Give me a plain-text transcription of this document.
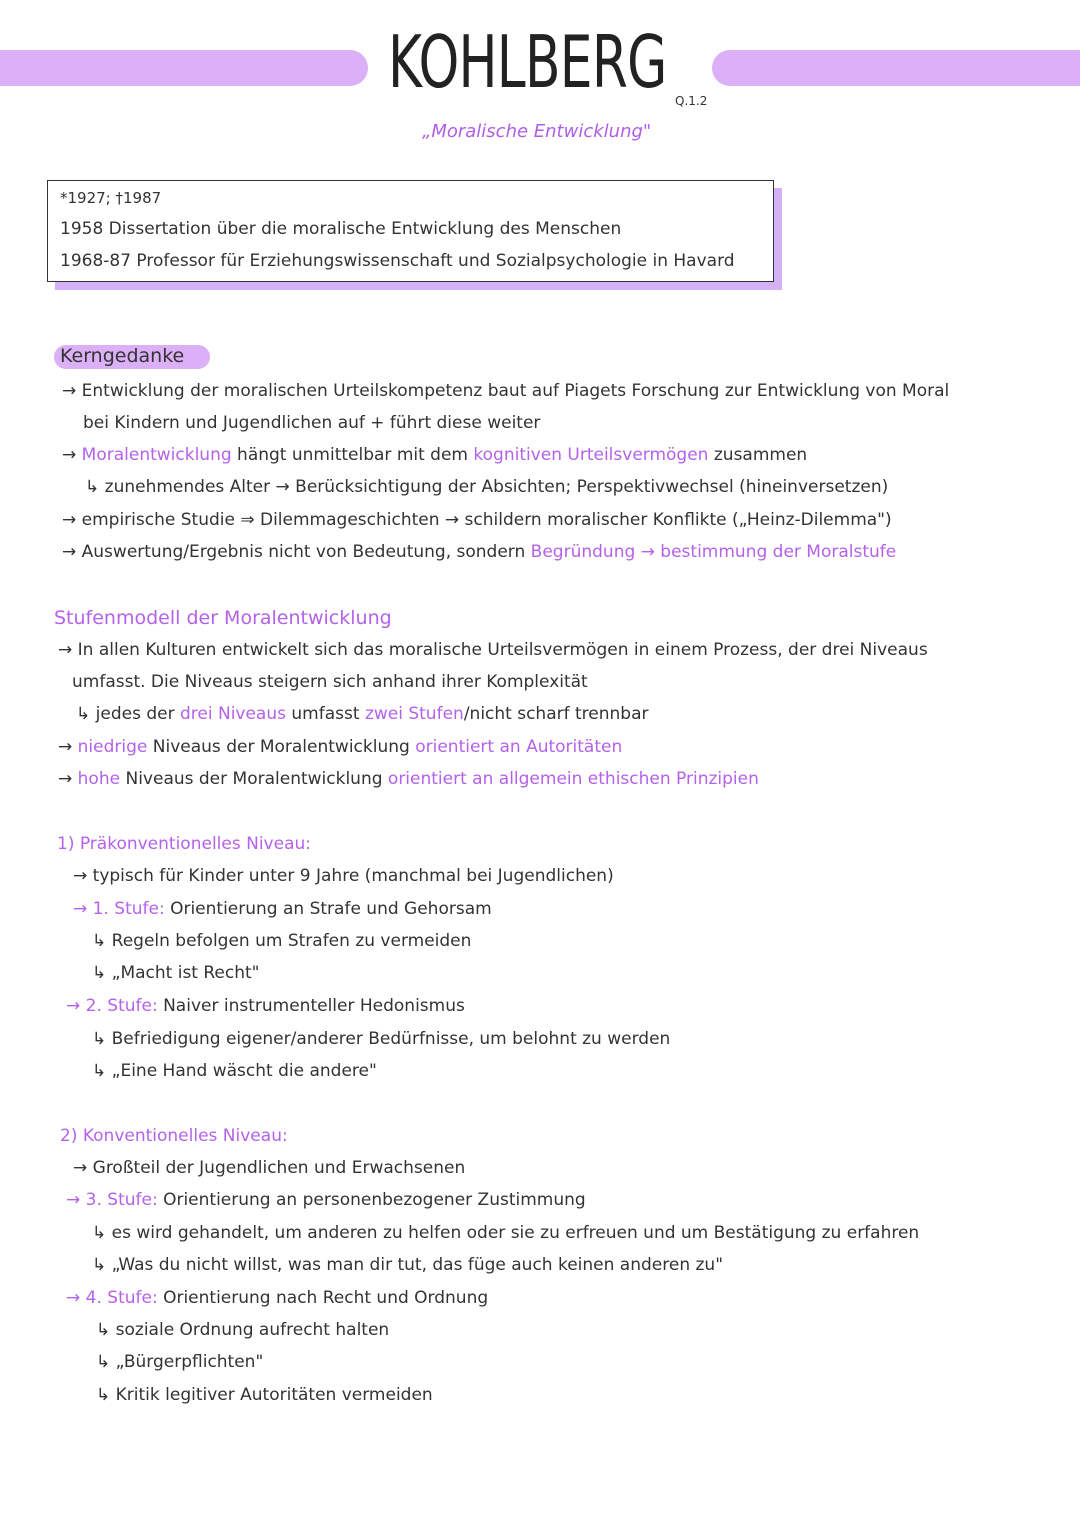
KOHLBERG Q.1.2
„Moralische Entwicklung"
*1927; †1987
1958 Dissertation über die moralische Entwicklung des Menschen
1968-87 Professor für Erziehungswissenschaft und Sozialpsychologie in Havard
Kerngedanke
→ Entwicklung der moralischen Urteilskompetenz baut auf Piagets Forschung zur Entwicklung von Moral
bei Kindern und Jugendlichen auf + führt diese weiter
→ Moralentwicklung hängt unmittelbar mit dem kognitiven Urteilsvermögen zusammen
↳ zunehmendes Alter → Berücksichtigung der Absichten; Perspektivwechsel (hineinversetzen)
→ empirische Studie ⇒ Dilemmageschichten → schildern moralischer Konflikte („Heinz-Dilemma")
→ Auswertung/Ergebnis nicht von Bedeutung, sondern Begründung → bestimmung der Moralstufe
Stufenmodell der Moralentwicklung
→ In allen Kulturen entwickelt sich das moralische Urteilsvermögen in einem Prozess, der drei Niveaus
umfasst. Die Niveaus steigern sich anhand ihrer Komplexität
↳ jedes der drei Niveaus umfasst zwei Stufen/nicht scharf trennbar
→ niedrige Niveaus der Moralentwicklung orientiert an Autoritäten
→ hohe Niveaus der Moralentwicklung orientiert an allgemein ethischen Prinzipien
1) Präkonventionelles Niveau:
→ typisch für Kinder unter 9 Jahre (manchmal bei Jugendlichen)
→ 1. Stufe: Orientierung an Strafe und Gehorsam
↳ Regeln befolgen um Strafen zu vermeiden
↳ „Macht ist Recht"
→ 2. Stufe: Naiver instrumenteller Hedonismus
↳ Befriedigung eigener/anderer Bedürfnisse, um belohnt zu werden
↳ „Eine Hand wäscht die andere"
2) Konventionelles Niveau:
→ Großteil der Jugendlichen und Erwachsenen
→ 3. Stufe: Orientierung an personenbezogener Zustimmung
↳ es wird gehandelt, um anderen zu helfen oder sie zu erfreuen und um Bestätigung zu erfahren
↳ „Was du nicht willst, was man dir tut, das füge auch keinen anderen zu"
→ 4. Stufe: Orientierung nach Recht und Ordnung
↳ soziale Ordnung aufrecht halten
↳ „Bürgerpflichten"
↳ Kritik legitiver Autoritäten vermeiden
